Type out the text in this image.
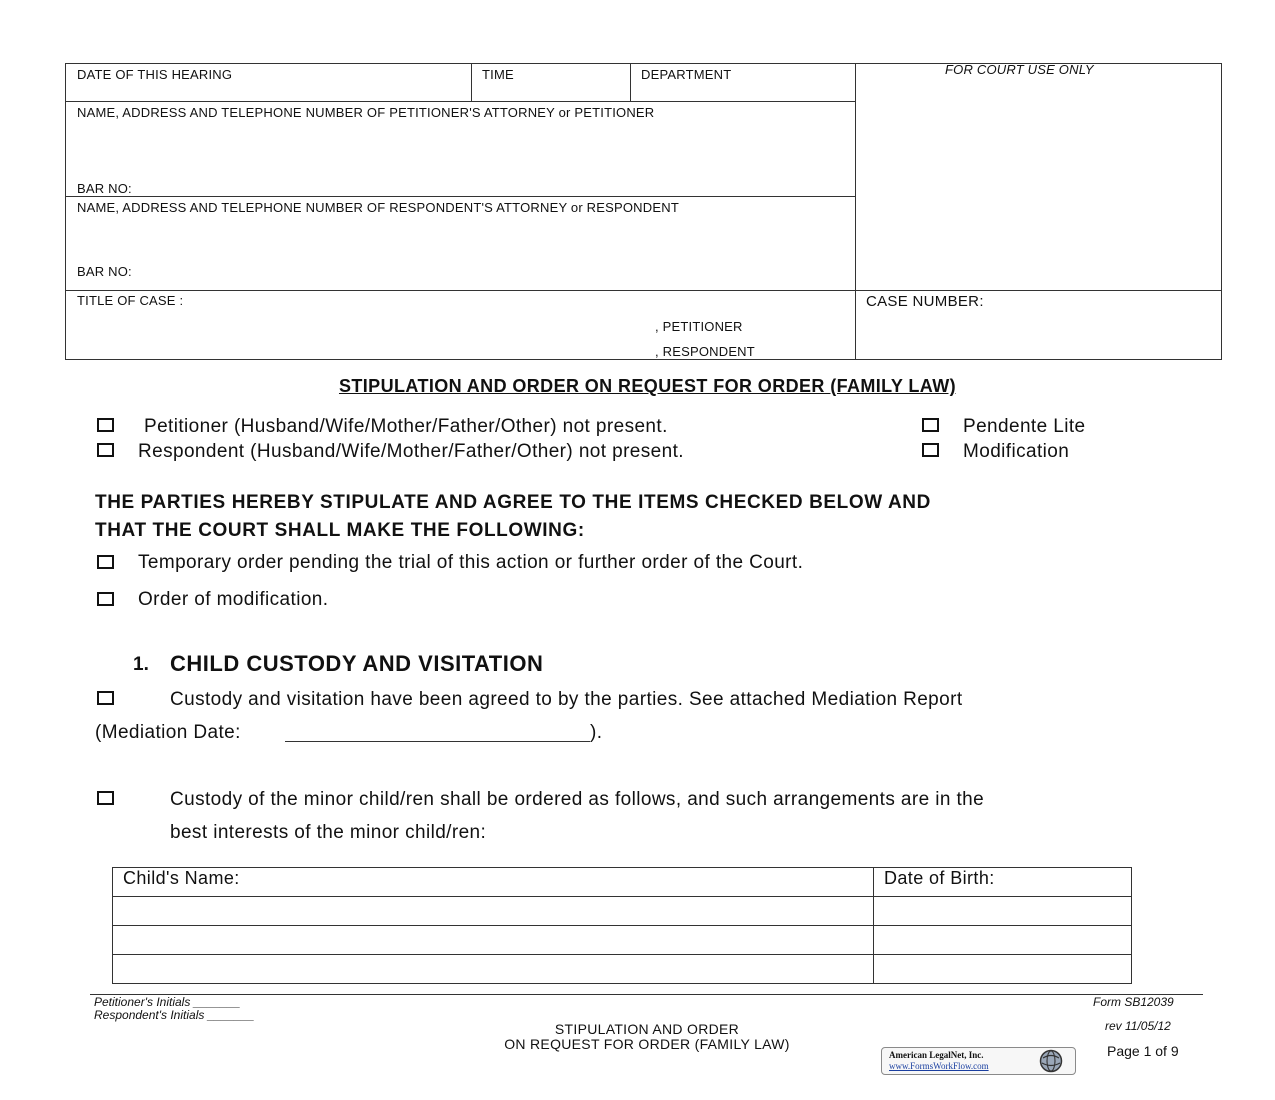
DATE OF THIS HEARING	TIME	DEPARTMENT	FOR COURT USE ONLY
NAME, ADDRESS AND TELEPHONE NUMBER OF PETITIONER'S ATTORNEY or PETITIONER
BAR NO:
NAME, ADDRESS AND TELEPHONE NUMBER OF RESPONDENT'S ATTORNEY or RESPONDENT
BAR NO:
TITLE OF CASE :
, PETITIONER
, RESPONDENT
CASE NUMBER:
STIPULATION AND ORDER ON REQUEST FOR ORDER (FAMILY LAW)
Petitioner (Husband/Wife/Mother/Father/Other) not present.
Respondent (Husband/Wife/Mother/Father/Other) not present.
Pendente Lite
Modification
THE PARTIES HEREBY STIPULATE AND AGREE TO THE ITEMS CHECKED BELOW AND
THAT THE COURT SHALL MAKE THE FOLLOWING:
Temporary order pending the trial of this action or further order of the Court.
Order of modification.
1. CHILD CUSTODY AND VISITATION
Custody and visitation have been agreed to by the parties. See attached Mediation Report
(Mediation Date:	).
Custody of the minor child/ren shall be ordered as follows, and such arrangements are in the
best interests of the minor child/ren:
Child's Name:	Date of Birth:

Petitioner's Initials _______
Respondent's Initials _______
STIPULATION AND ORDER
ON REQUEST FOR ORDER (FAMILY LAW)
Form SB12039
rev 11/05/12
Page 1 of 9
American LegalNet, Inc.
www.FormsWorkFlow.com
